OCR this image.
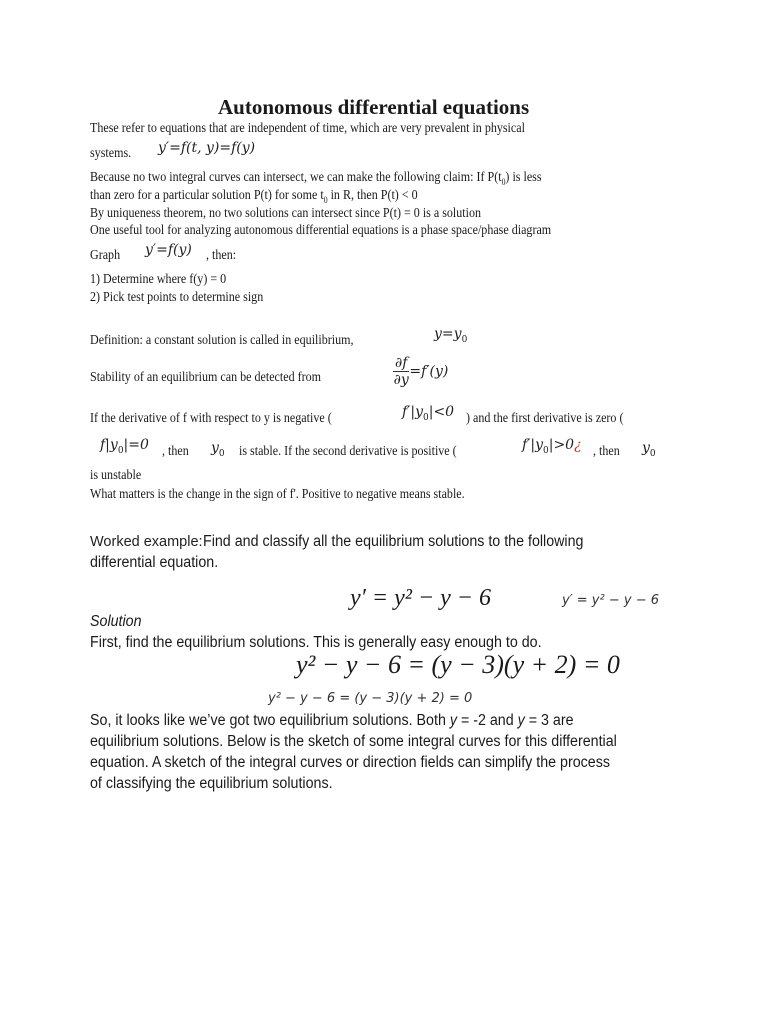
Autonomous differential equations
These refer to equations that are independent of time, which are very prevalent in physical
systems. y′=f(t, y)=f(y)
Because no two integral curves can intersect, we can make the following claim: If $P(t_0)$ is less
than zero for a particular solution P(t) for some $t_0$ in R, then P(t) < 0
By uniqueness theorem, no two solutions can intersect since P(t) = 0 is a solution
One useful tool for analyzing autonomous differential equations is a phase space/phase diagram
Graph y′=f(y) , then:
1) Determine where f(y) = 0
2) Pick test points to determine sign
Definition: a constant solution is called in equilibrium,	$y=y_0$
Stability of an equilibrium can be detected from	$\frac{\partial f}{\partial y} =f'(y)$
If the derivative of f with respect to y is negative (	$f'|y_0|<0$ ) and the first derivative is zero (
$f|y_0|=0$ , then $y_0$ is stable. If the second derivative is positive (	$f'|y_0|>0¿$ , then $y_0$
is unstable
What matters is the change in the sign of f'. Positive to negative means stable.
Worked example:Find and classify all the equilibrium solutions to the following
differential equation.
y′ = y² − y − 6	y′ = y² − y − 6
Solution
First, find the equilibrium solutions. This is generally easy enough to do.
y² − y − 6 = (y − 3)(y + 2) = 0
y² − y − 6 = (y − 3)(y + 2) = 0
So, it looks like we’ve got two equilibrium solutions. Both y = -2 and y = 3 are
equilibrium solutions. Below is the sketch of some integral curves for this differential
equation. A sketch of the integral curves or direction fields can simplify the process
of classifying the equilibrium solutions.
